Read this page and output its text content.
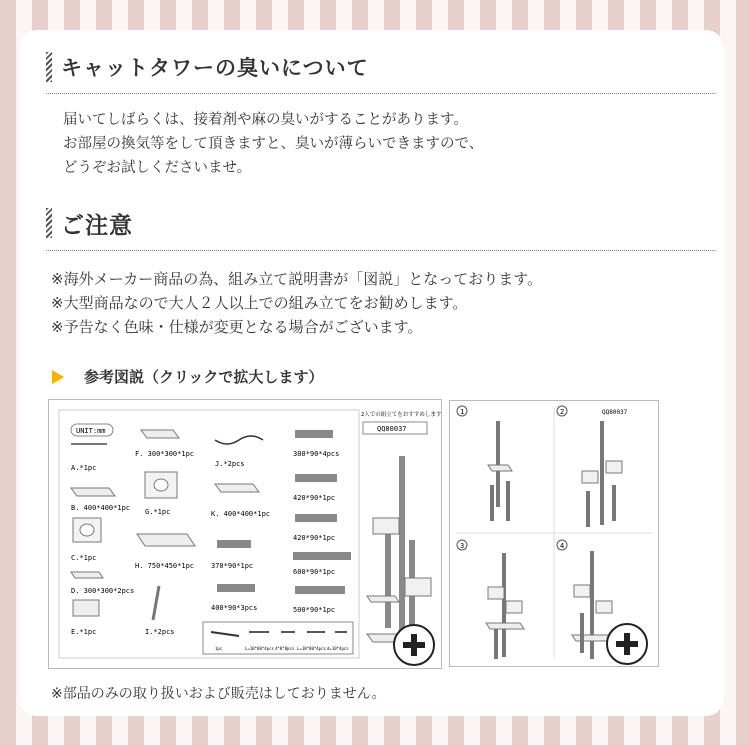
キャットタワーの臭いについて
届いてしばらくは、接着剤や麻の臭いがすることがあります。
お部屋の換気等をして頂きますと、臭いが薄らいできますので、
どうぞお試しくださいませ。
ご注意
※海外メーカー商品の為、組み立て説明書が「図説」となっております。
※大型商品なので大人２人以上での組み立てをお勧めします。
※予告なく色味・仕様が変更となる場合がございます。
参考図説（クリックで拡大します）
UNIT:mm
A.*1pc
B. 400*400*1pc
C.*1pc
D. 300*300*2pcs
E.*1pc
F. 300*300*1pc
G.*1pc
H. 750*450*1pc
I.*2pcs
J.*2pcs
K. 400*400*1pc
370*90*1pc
400*90*3pcs
300*90*4pcs
420*90*1pc
420*90*1pc
600*90*1pc
500*90*1pc
1pc	L=10*80*4pcs 4*8*8pcs L=10*80*4pcs d=10*4pcs
2人での組立てをおすすめします。
QQ80037
1	2	QQ80037
3	4
※部品のみの取り扱いおよび販売はしておりません。
